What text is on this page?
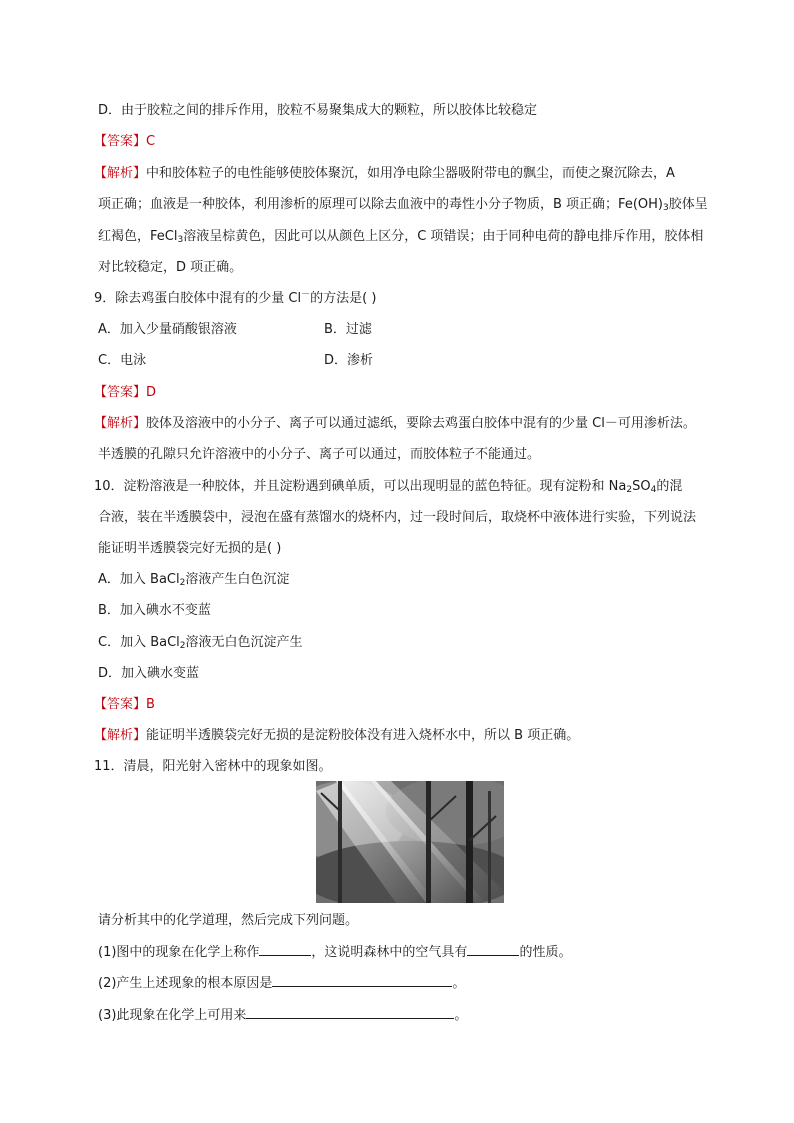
D．由于胶粒之间的排斥作用，胶粒不易聚集成大的颗粒，所以胶体比较稳定
【答案】C
【解析】中和胶体粒子的电性能够使胶体聚沉，如用净电除尘器吸附带电的飘尘，而使之聚沉除去，A
项正确；血液是一种胶体，利用渗析的原理可以除去血液中的毒性小分子物质，B 项正确；$Fe(OH)_3$胶体呈
红褐色，FeCl$_3$溶液呈棕黄色，因此可以从颜色上区分，C 项错误；由于同种电荷的静电排斥作用，胶体相
对比较稳定，D 项正确。
9．除去鸡蛋白胶体中混有的少量 Cl－的方法是( )
A．加入少量硝酸银溶液	B．过滤
C．电泳	D．渗析
【答案】D
【解析】胶体及溶液中的小分子、离子可以通过滤纸，要除去鸡蛋白胶体中混有的少量 Cl－可用渗析法。
半透膜的孔隙只允许溶液中的小分子、离子可以通过，而胶体粒子不能通过。
10．淀粉溶液是一种胶体，并且淀粉遇到碘单质，可以出现明显的蓝色特征。现有淀粉和 $Na_2SO_4$的混
合液，装在半透膜袋中，浸泡在盛有蒸馏水的烧杯内，过一段时间后，取烧杯中液体进行实验，下列说法
能证明半透膜袋完好无损的是( )
A．加入 BaCl$_2$溶液产生白色沉淀
B．加入碘水不变蓝
C．加入 BaCl$_2$溶液无白色沉淀产生
D．加入碘水变蓝
【答案】B
【解析】能证明半透膜袋完好无损的是淀粉胶体没有进入烧杯水中，所以 B 项正确。
11．清晨，阳光射入密林中的现象如图。
请分析其中的化学道理，然后完成下列问题。
(1)图中的现象在化学上称作	，这说明森林中的空气具有	的性质。
(2)产生上述现象的根本原因是	。
(3)此现象在化学上可用来	。
